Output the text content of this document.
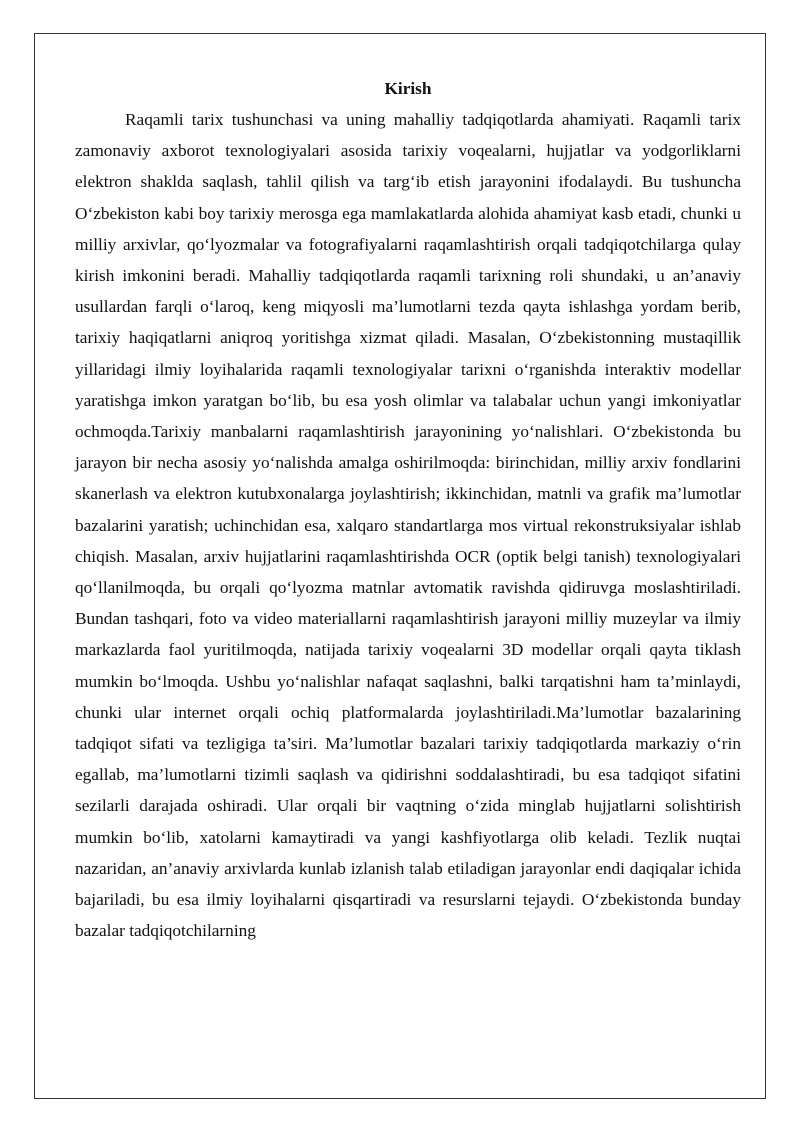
Kirish

Raqamli tarix tushunchasi va uning mahalliy tadqiqotlarda ahamiyati. Raqamli tarix zamonaviy axborot texnologiyalari asosida tarixiy voqealarni, hujjatlar va yodgorliklarni elektron shaklda saqlash, tahlil qilish va targ‘ib etish jarayonini ifodalaydi. Bu tushuncha O‘zbekiston kabi boy tarixiy merosga ega mamlakatlarda alohida ahamiyat kasb etadi, chunki u milliy arxivlar, qo‘lyozmalar va fotografiyalarni raqamlashtirish orqali tadqiqotchilarga qulay kirish imkonini beradi. Mahalliy tadqiqotlarda raqamli tarixning roli shundaki, u an’anaviy usullardan farqli o‘laroq, keng miqyosli ma’lumotlarni tezda qayta ishlashga yordam berib, tarixiy haqiqatlarni aniqroq yoritishga xizmat qiladi. Masalan, O‘zbekistonning mustaqillik yillaridagi ilmiy loyihalarida raqamli texnologiyalar tarixni o‘rganishda interaktiv modellar yaratishga imkon yaratgan bo‘lib, bu esa yosh olimlar va talabalar uchun yangi imkoniyatlar ochmoqda.Tarixiy manbalarni raqamlashtirish jarayonining yo‘nalishlari. O‘zbekistonda bu jarayon bir necha asosiy yo‘nalishda amalga oshirilmoqda: birinchidan, milliy arxiv fondlarini skanerlash va elektron kutubxonalarga joylashtirish; ikkinchidan, matnli va grafik ma’lumotlar bazalarini yaratish; uchinchidan esa, xalqaro standartlarga mos virtual rekonstruksiyalar ishlab chiqish. Masalan, arxiv hujjatlarini raqamlashtirishda OCR (optik belgi tanish) texnologiyalari qo‘llanilmoqda, bu orqali qo‘lyozma matnlar avtomatik ravishda qidiruvga moslashtiriladi. Bundan tashqari, foto va video materiallarni raqamlashtirish jarayoni milliy muzeylar va ilmiy markazlarda faol yuritilmoqda, natijada tarixiy voqealarni 3D modellar orqali qayta tiklash mumkin bo‘lmoqda. Ushbu yo‘nalishlar nafaqat saqlashni, balki tarqatishni ham ta’minlaydi, chunki ular internet orqali ochiq platformalarda joylashtiriladi.Ma’lumotlar bazalarining tadqiqot sifati va tezligiga ta’siri. Ma’lumotlar bazalari tarixiy tadqiqotlarda markaziy o‘rin egallab, ma’lumotlarni tizimli saqlash va qidirishni soddalashtiradi, bu esa tadqiqot sifatini sezilarli darajada oshiradi. Ular orqali bir vaqtning o‘zida minglab hujjatlarni solishtirish mumkin bo‘lib, xatolarni kamaytiradi va yangi kashfiyotlarga olib keladi. Tezlik nuqtai nazaridan, an’anaviy arxivlarda kunlab izlanish talab etiladigan jarayonlar endi daqiqalar ichida bajariladi, bu esa ilmiy loyihalarni qisqartiradi va resurslarni tejaydi. O‘zbekistonda bunday bazalar tadqiqotchilarning
